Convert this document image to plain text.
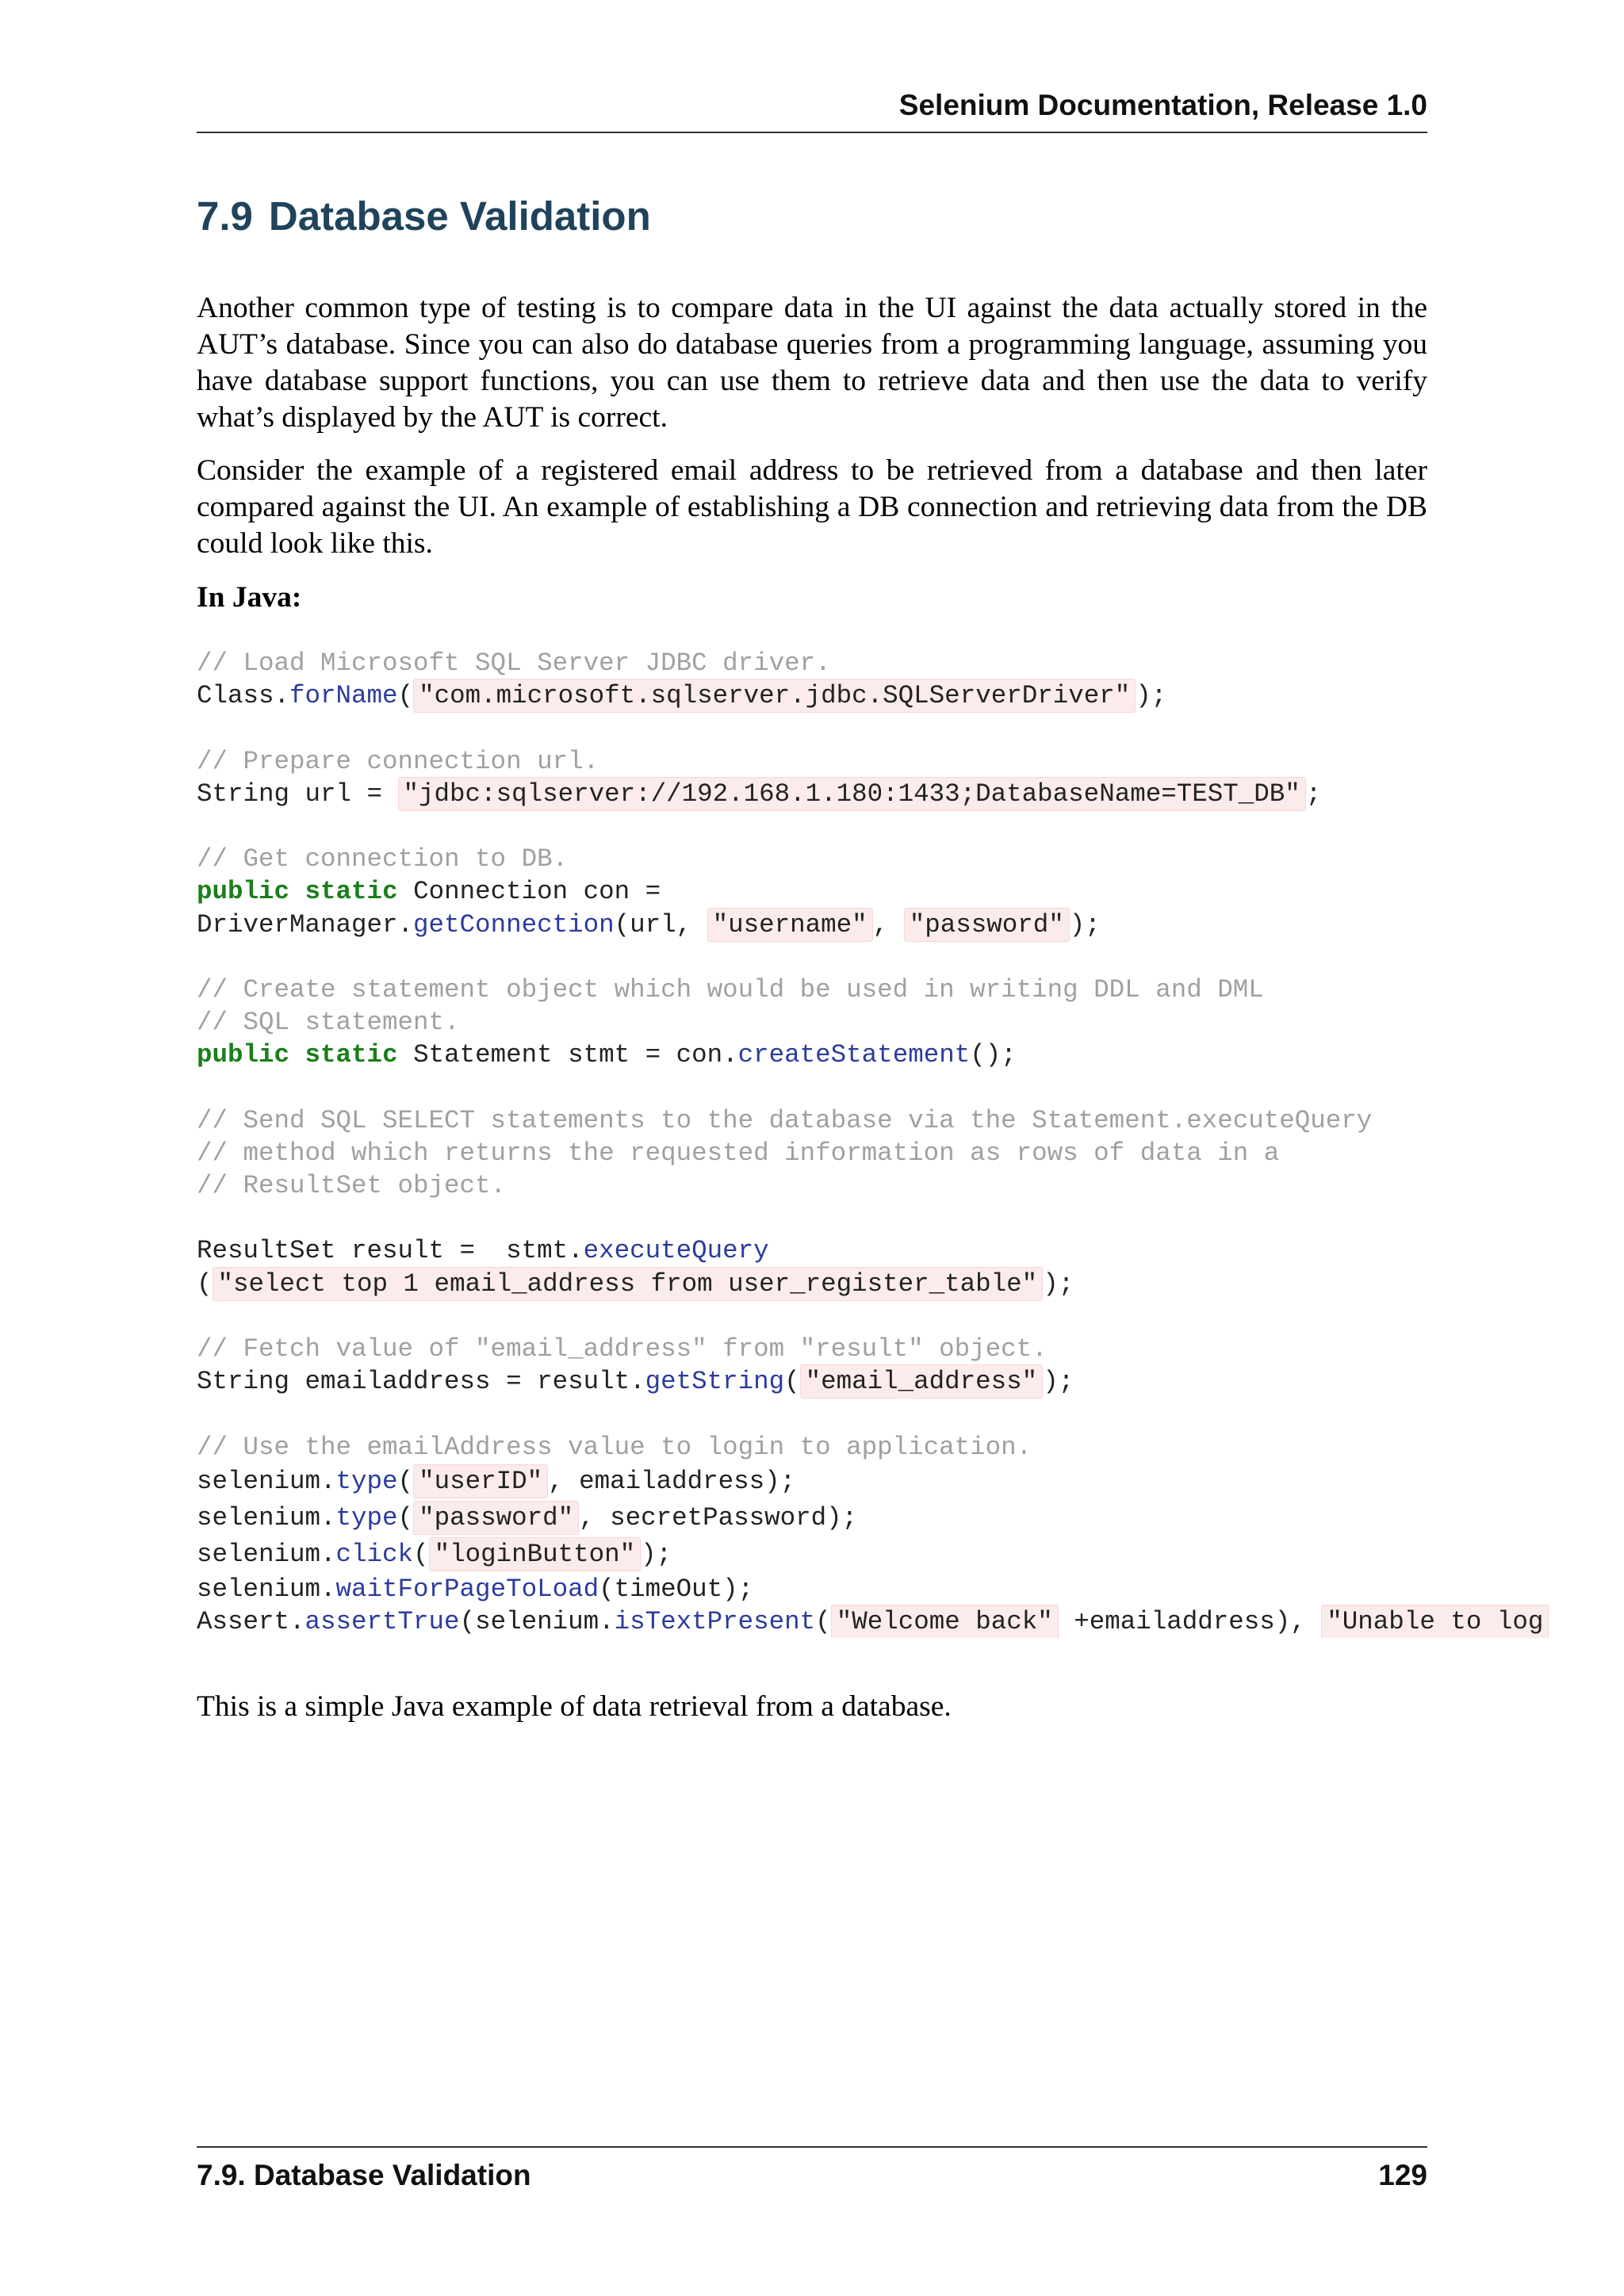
Selenium Documentation, Release 1.0
7.9 Database Validation

Another common type of testing is to compare data in the UI against the data actually stored in the AUT’s database. Since you can also do database queries from a programming language, assuming you have database support functions, you can use them to retrieve data and then use the data to verify what’s displayed by the AUT is correct.

Consider the example of a registered email address to be retrieved from a database and then later compared against the UI. An example of establishing a DB connection and retrieving data from the DB could look like this.

In Java:

// Load Microsoft SQL Server JDBC driver.
Class.forName( "com.microsoft.sqlserver.jdbc.SQLServerDriver" );
// Prepare connection url.
String url = "jdbc:sqlserver://192.168.1.180:1433;DatabaseName=TEST_DB" ;
// Get connection to DB.
public static Connection con =
DriverManager.getConnection(url, "username" , "password" );
// Create statement object which would be used in writing DDL and DML
// SQL statement.
public static Statement stmt = con.createStatement();
// Send SQL SELECT statements to the database via the Statement.executeQuery
// method which returns the requested information as rows of data in a
// ResultSet object.
ResultSet result =  stmt.executeQuery
( "select top 1 email_address from user_register_table" );
// Fetch value of "email_address" from "result" object.
String emailaddress = result.getString( "email_address" );
// Use the emailAddress value to login to application.
selenium.type( "userID" , emailaddress);
selenium.type( "password" , secretPassword);
selenium.click( "loginButton" );
selenium.waitForPageToLoad(timeOut);
Assert.assertTrue(selenium.isTextPresent( "Welcome back" +emailaddress), "Unable to log

This is a simple Java example of data retrieval from a database.

7.9. Database Validation	129
